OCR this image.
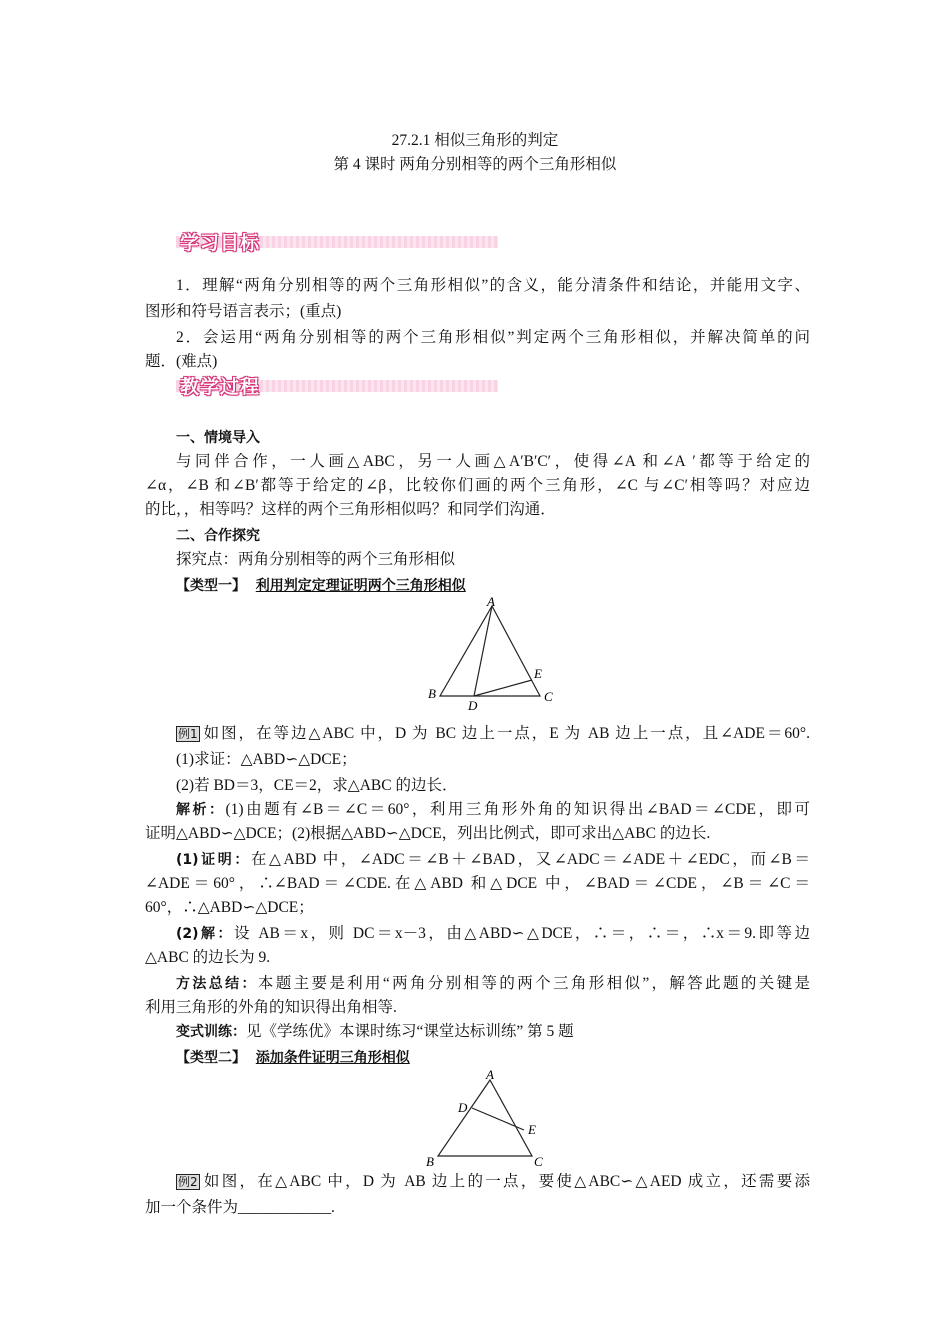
27.2.1 相似三角形的判定
第 4 课时 两角分别相等的两个三角形相似
学习目标
1．理解“两角分别相等的两个三角形相似”的含义，能分清条件和结论，并能用文字、
图形和符号语言表示；(重点)
2．会运用“两角分别相等的两个三角形相似”判定两个三角形相似，并解决简单的问
题．(难点)
教学过程
一、情境导入
与同伴合作，一人画△ABC，另一人画△A′B′C′，使得∠A 和∠A ′都等于给定的
∠α，∠B 和∠B′都等于给定的∠β，比较你们画的两个三角形，∠C 与∠C′相等吗？对应边
的比，，相等吗？这样的两个三角形相似吗？和同学们沟通．
二、合作探究
探究点：两角分别相等的两个三角形相似
【类型一】 利用判定定理证明两个三角形相似
A
B	C
D
E
例1 如图，在等边△ABC 中，D 为 BC 边上一点，E 为 AB 边上一点，且∠ADE＝60°.
(1)求证：△ABD∽△DCE；
(2)若 BD＝3，CE＝2，求△ABC 的边长．
解析：(1)由题有∠B＝∠C＝60°，利用三角形外角的知识得出∠BAD＝∠CDE，即可
证明△ABD∽△DCE；(2)根据△ABD∽△DCE，列出比例式，即可求出△ABC 的边长.
(1)证明：在△ABD 中，∠ADC＝∠B＋∠BAD，又∠ADC＝∠ADE＋∠EDC，而∠B＝
∠ADE＝60°，∴∠BAD＝∠CDE.在△ABD 和△DCE 中，∠BAD＝∠CDE，∠B＝∠C＝
60°，∴△ABD∽△DCE；
(2)解：设 AB＝x，则 DC＝x－3，由△ABD∽△DCE，∴＝，∴＝，∴x＝9.即等边
△ABC 的边长为 9.
方法总结：本题主要是利用“两角分别相等的两个三角形相似”，解答此题的关键是
利用三角形的外角的知识得出角相等.
变式训练：见《学练优》本课时练习“课堂达标训练” 第 5 题
【类型二】 添加条件证明三角形相似
A
B	C
D
E
例2 如图，在△ABC 中，D 为 AB 边上的一点，要使△ABC∽△AED 成立，还需要添
加一个条件为____________.
